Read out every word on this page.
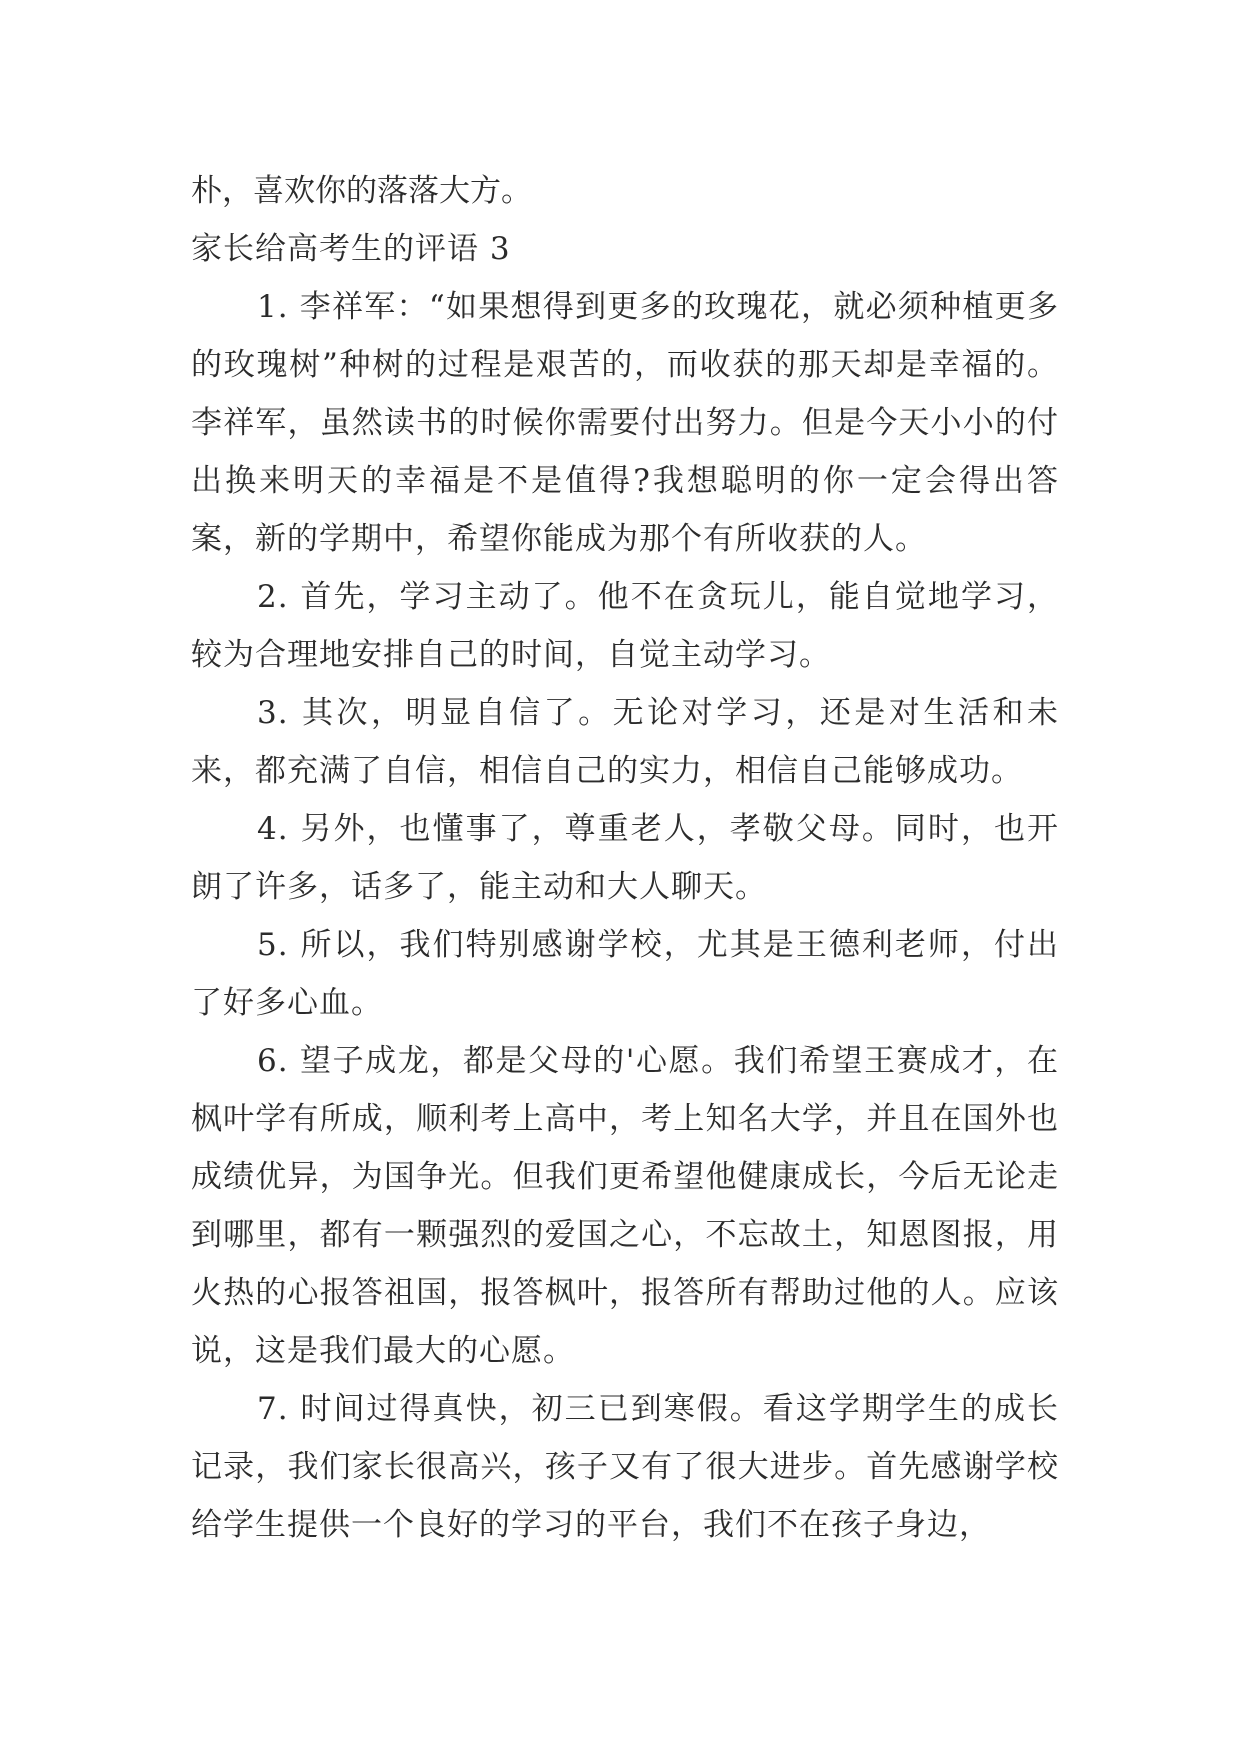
朴，喜欢你的落落大方。

家长给高考生的评语 3

1. 李祥军：“如果想得到更多的玫瑰花，就必须种植更多的玫瑰树”种树的过程是艰苦的，而收获的那天却是幸福的。李祥军，虽然读书的时候你需要付出努力。但是今天小小的付出换来明天的幸福是不是值得?我想聪明的你一定会得出答案，新的学期中，希望你能成为那个有所收获的人。

2. 首先，学习主动了。他不在贪玩儿，能自觉地学习，较为合理地安排自己的时间，自觉主动学习。

3. 其次，明显自信了。无论对学习，还是对生活和未来，都充满了自信，相信自己的实力，相信自己能够成功。

4. 另外，也懂事了，尊重老人，孝敬父母。同时，也开朗了许多，话多了，能主动和大人聊天。

5. 所以，我们特别感谢学校，尤其是王德利老师，付出了好多心血。

6. 望子成龙，都是父母的'心愿。我们希望王赛成才，在枫叶学有所成，顺利考上高中，考上知名大学，并且在国外也成绩优异，为国争光。但我们更希望他健康成长，今后无论走到哪里，都有一颗强烈的爱国之心，不忘故土，知恩图报，用火热的心报答祖国，报答枫叶，报答所有帮助过他的人。应该说，这是我们最大的心愿。

7. 时间过得真快，初三已到寒假。看这学期学生的成长记录，我们家长很高兴，孩子又有了很大进步。首先感谢学校给学生提供一个良好的学习的平台，我们不在孩子身边，
